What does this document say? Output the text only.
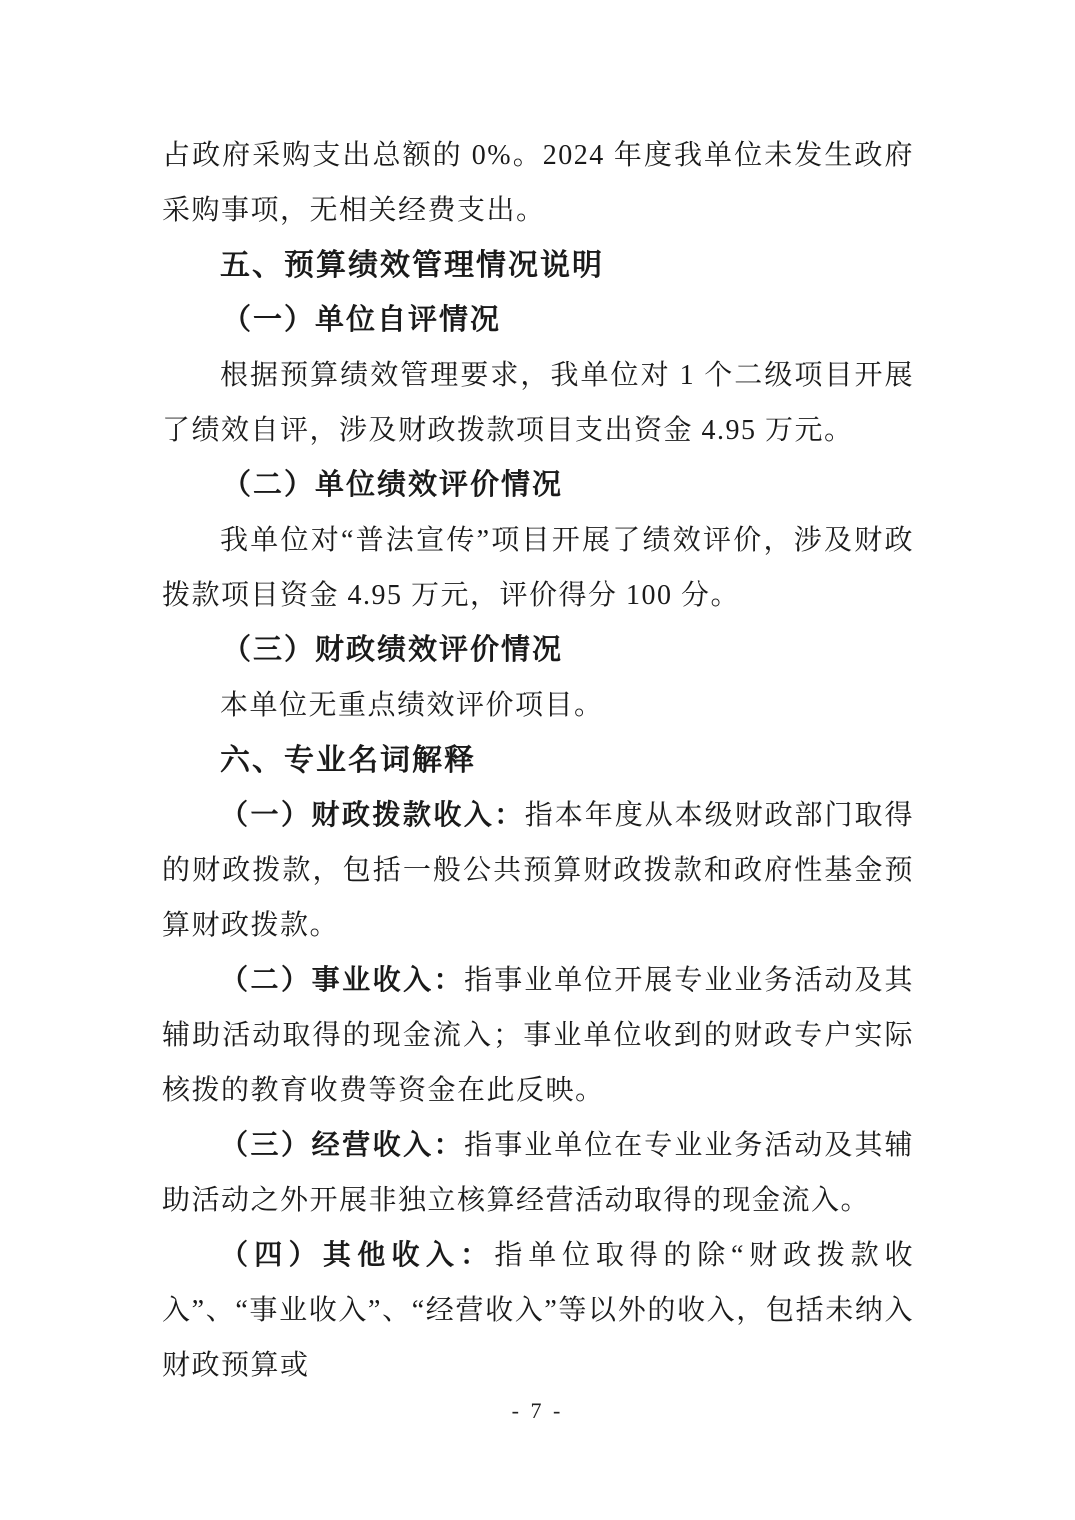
占政府采购支出总额的 0%。2024 年度我单位未发生政府采购事项，无相关经费支出。

五、预算绩效管理情况说明

（一）单位自评情况

根据预算绩效管理要求，我单位对 1 个二级项目开展了绩效自评，涉及财政拨款项目支出资金 4.95 万元。

（二）单位绩效评价情况

我单位对“普法宣传”项目开展了绩效评价，涉及财政拨款项目资金 4.95 万元，评价得分 100 分。

（三）财政绩效评价情况

本单位无重点绩效评价项目。

六、专业名词解释

（一）财政拨款收入：指本年度从本级财政部门取得的财政拨款，包括一般公共预算财政拨款和政府性基金预算财政拨款。

（二）事业收入：指事业单位开展专业业务活动及其辅助活动取得的现金流入；事业单位收到的财政专户实际核拨的教育收费等资金在此反映。

（三）经营收入：指事业单位在专业业务活动及其辅助活动之外开展非独立核算经营活动取得的现金流入。

（四）其他收入：指单位取得的除“财政拨款收入”、“事业收入”、“经营收入”等以外的收入，包括未纳入财政预算或

- 7 -
